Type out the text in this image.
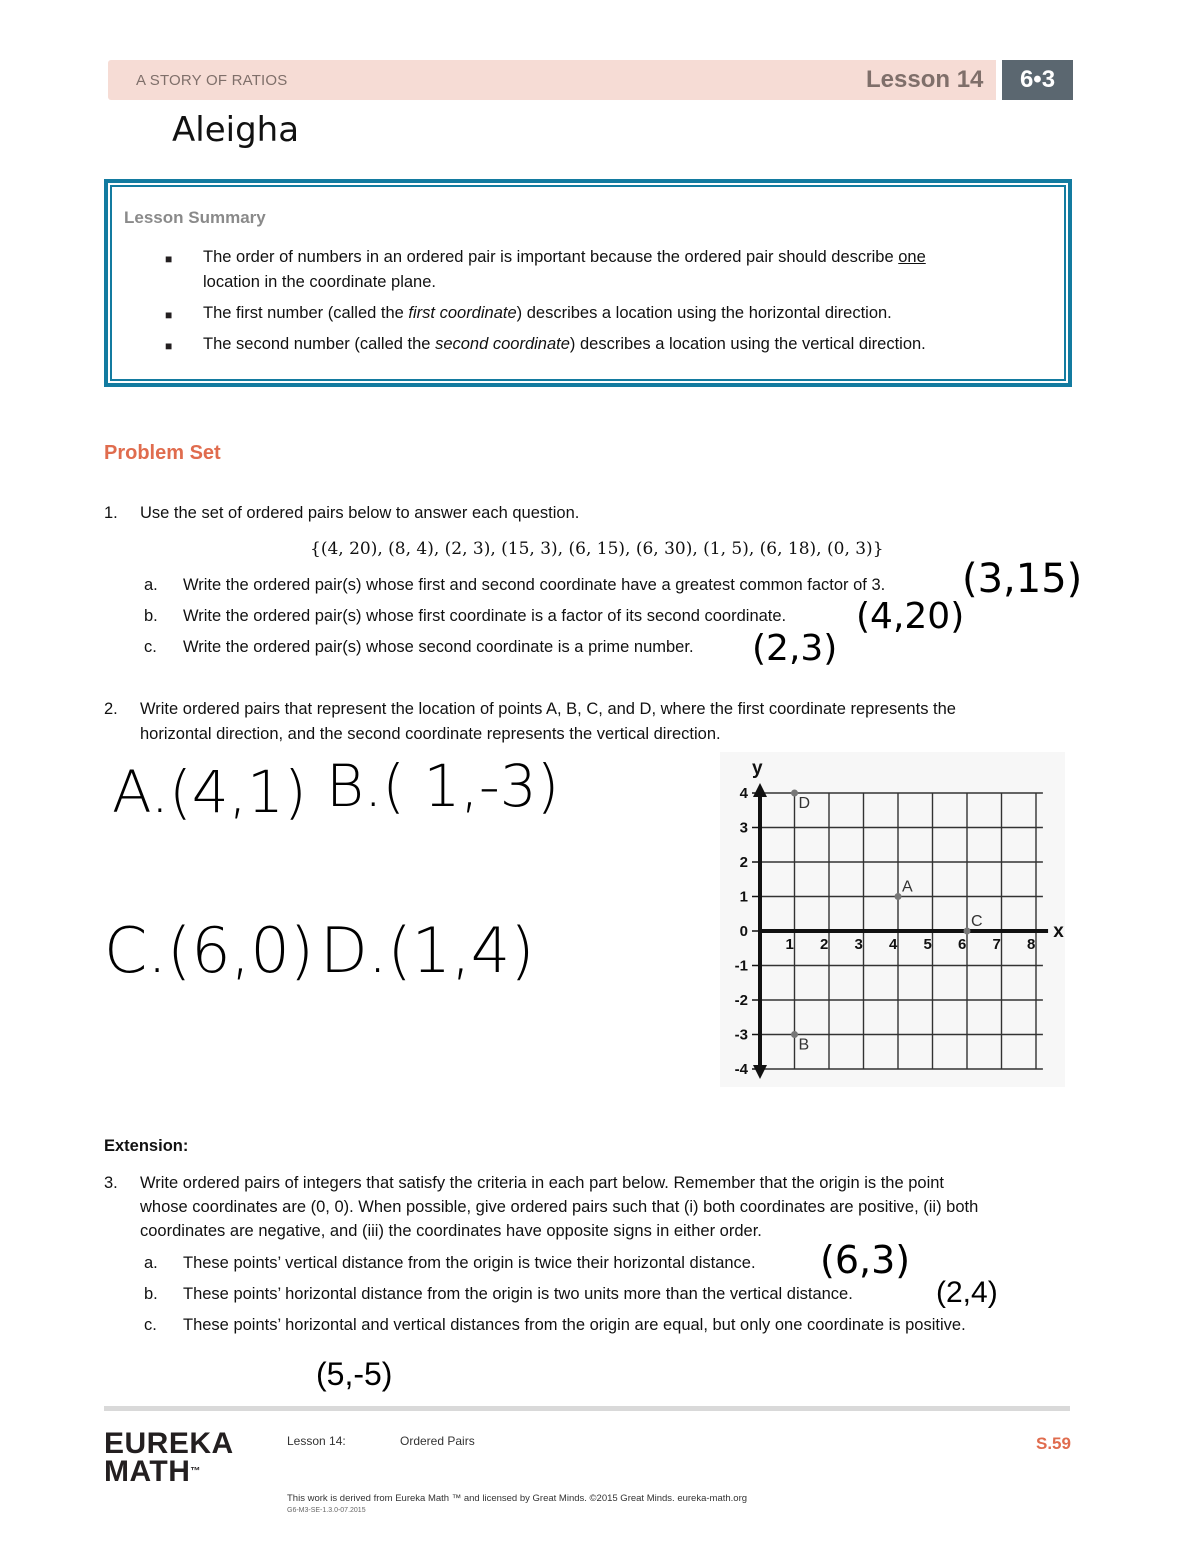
A STORY OF RATIOS	Lesson 14	6•3
Aleigha
Lesson Summary
■ The order of numbers in an ordered pair is important because the ordered pair should describe one
location in the coordinate plane.
■ The first number (called the first coordinate) describes a location using the horizontal direction.
■ The second number (called the second coordinate) describes a location using the vertical direction.
Problem Set
1. Use the set of ordered pairs below to answer each question.
{(4, 20), (8, 4), (2, 3), (15, 3), (6, 15), (6, 30), (1, 5), (6, 18), (0, 3)}
a. Write the ordered pair(s) whose first and second coordinate have a greatest common factor of 3. (3,15)
b. Write the ordered pair(s) whose first coordinate is a factor of its second coordinate. (4,20)
c. Write the ordered pair(s) whose second coordinate is a prime number. (2,3)
2. Write ordered pairs that represent the location of points A, B, C, and D, where the first coordinate represents the
horizontal direction, and the second coordinate represents the vertical direction.
A.(4,1) B.( 1,-3)
C.(6,0) D.(1,4)	1 2 3 4 5 6 7 8
4
3
2
1
0
-1
-2
-3
-4
A
B
C
D
x
y
Extension:
3. Write ordered pairs of integers that satisfy the criteria in each part below. Remember that the origin is the point
whose coordinates are (0, 0). When possible, give ordered pairs such that (i) both coordinates are positive, (ii) both
coordinates are negative, and (iii) the coordinates have opposite signs in either order.
a. These points’ vertical distance from the origin is twice their horizontal distance. (6,3)
b. These points’ horizontal distance from the origin is two units more than the vertical distance.	(2,4)
c. These points’ horizontal and vertical distances from the origin are equal, but only one coordinate is positive.
(5,-5)
EUREKA
MATH™
Lesson 14:	Ordered Pairs	S.59
This work is derived from Eureka Math ™ and licensed by Great Minds. ©2015 Great Minds. eureka-math.org
G6-M3-SE-1.3.0-07.2015
